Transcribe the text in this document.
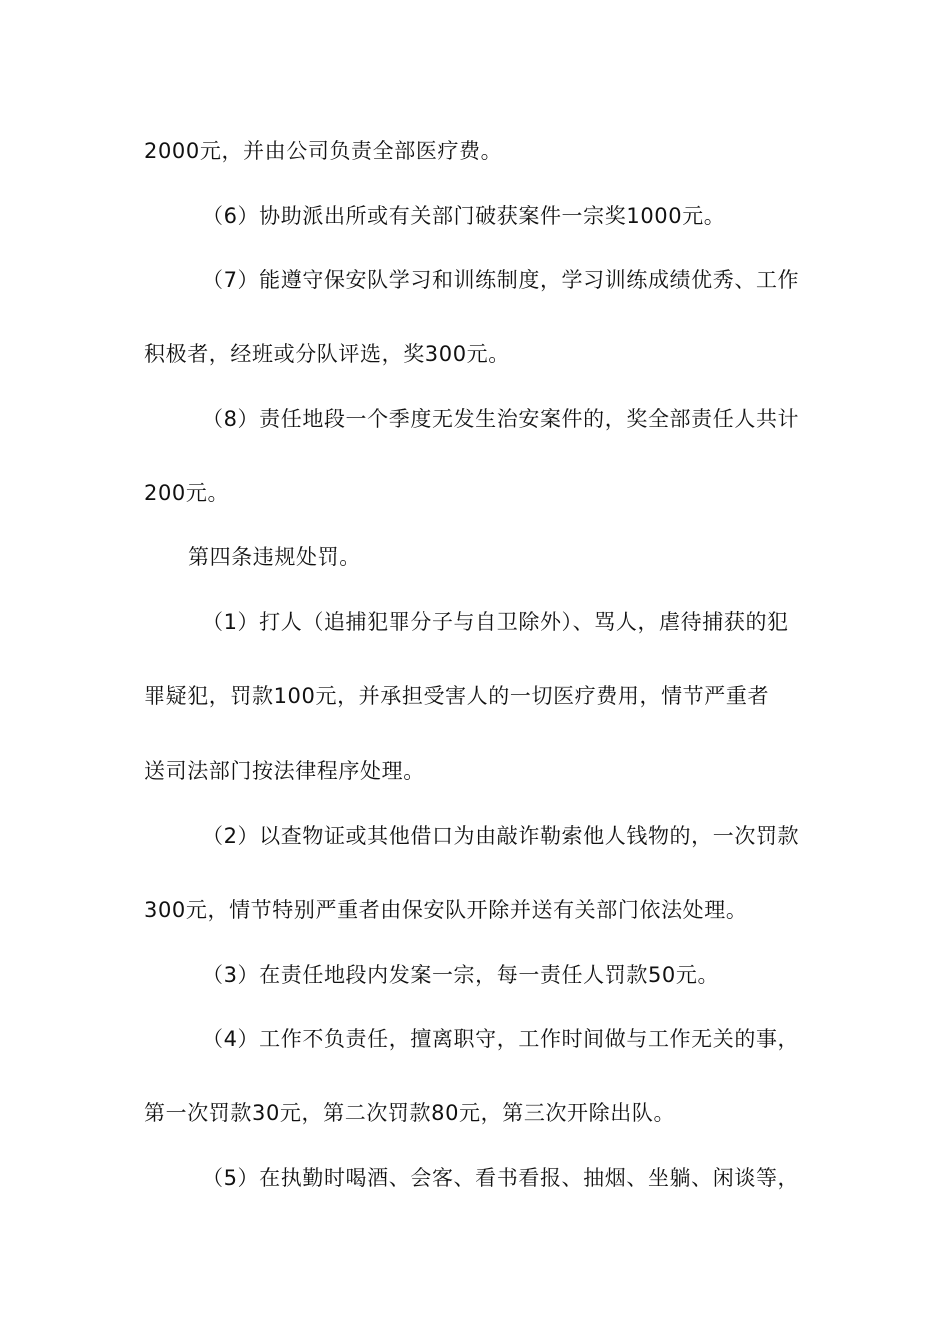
2000元，并由公司负责全部医疗费。
（6）协助派出所或有关部门破获案件一宗奖1000元。
（7）能遵守保安队学习和训练制度，学习训练成绩优秀、工作
积极者，经班或分队评选，奖300元。
（8）责任地段一个季度无发生治安案件的，奖全部责任人共计
200元。
第四条违规处罚。
（1）打人（追捕犯罪分子与自卫除外）、骂人，虐待捕获的犯
罪疑犯，罚款100元，并承担受害人的一切医疗费用，情节严重者
送司法部门按法律程序处理。
（2）以查物证或其他借口为由敲诈勒索他人钱物的，一次罚款
300元，情节特别严重者由保安队开除并送有关部门依法处理。
（3）在责任地段内发案一宗，每一责任人罚款50元。
（4）工作不负责任，擅离职守，工作时间做与工作无关的事，
第一次罚款30元，第二次罚款80元，第三次开除出队。
（5）在执勤时喝酒、会客、看书看报、抽烟、坐躺、闲谈等，
